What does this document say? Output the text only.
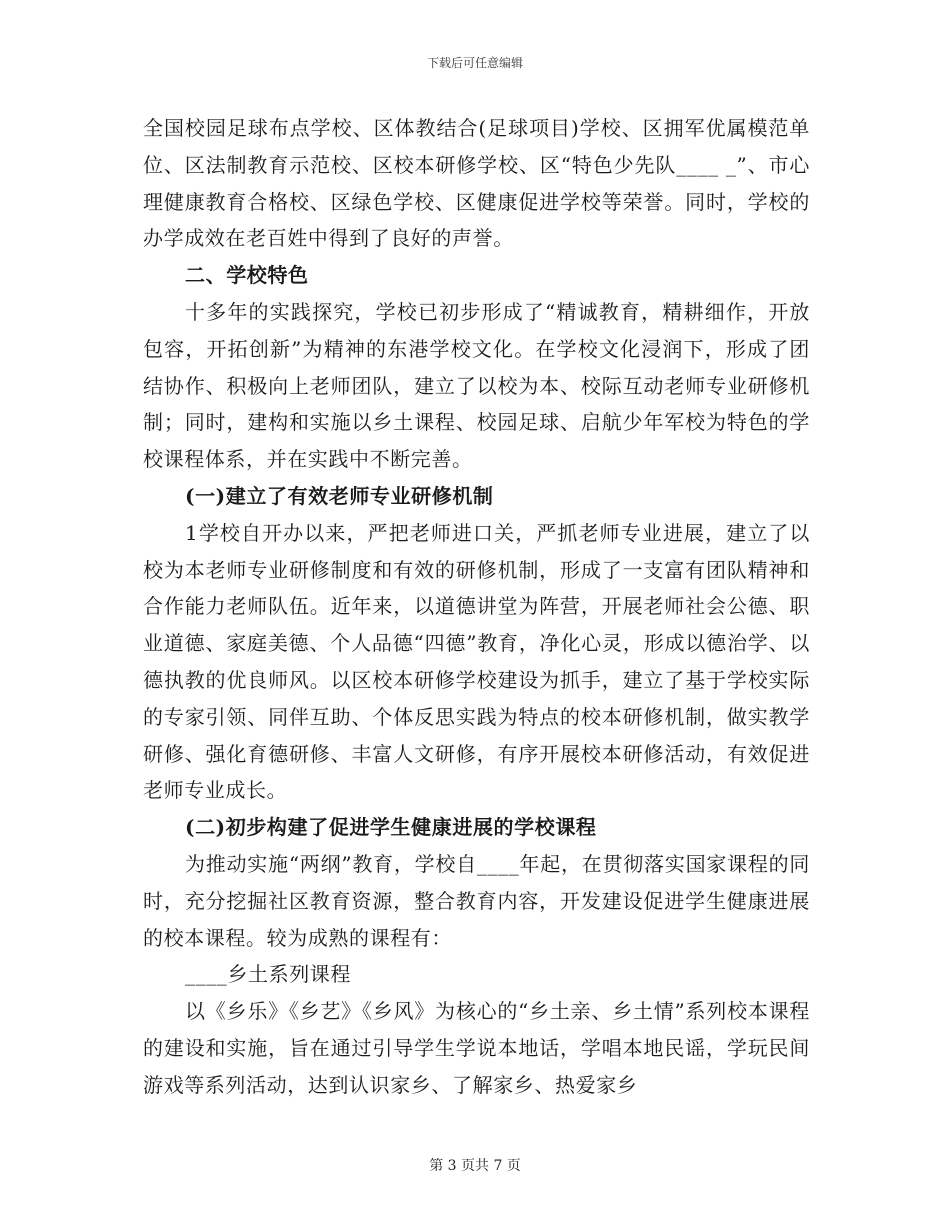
下载后可任意编辑

全国校园足球布点学校、区体教结合(足球项目)学校、区拥军优属模范单位、区法制教育示范校、区校本研修学校、区“特色少先队____ _”、市心理健康教育合格校、区绿色学校、区健康促进学校等荣誉。同时，学校的办学成效在老百姓中得到了良好的声誉。

二、学校特色

十多年的实践探究，学校已初步形成了“精诚教育，精耕细作，开放包容，开拓创新”为精神的东港学校文化。在学校文化浸润下，形成了团结协作、积极向上老师团队，建立了以校为本、校际互动老师专业研修机制；同时，建构和实施以乡土课程、校园足球、启航少年军校为特色的学校课程体系，并在实践中不断完善。

(一)建立了有效老师专业研修机制

1学校自开办以来，严把老师进口关，严抓老师专业进展，建立了以校为本老师专业研修制度和有效的研修机制，形成了一支富有团队精神和合作能力老师队伍。近年来，以道德讲堂为阵营，开展老师社会公德、职业道德、家庭美德、个人品德“四德”教育，净化心灵，形成以德治学、以德执教的优良师风。以区校本研修学校建设为抓手，建立了基于学校实际的专家引领、同伴互助、个体反思实践为特点的校本研修机制，做实教学研修、强化育德研修、丰富人文研修，有序开展校本研修活动，有效促进老师专业成长。

(二)初步构建了促进学生健康进展的学校课程

为推动实施“两纲”教育，学校自____年起，在贯彻落实国家课程的同时，充分挖掘社区教育资源，整合教育内容，开发建设促进学生健康进展的校本课程。较为成熟的课程有：

____乡土系列课程

以《乡乐》《乡艺》《乡风》为核心的“乡土亲、乡土情”系列校本课程的建设和实施，旨在通过引导学生学说本地话，学唱本地民谣，学玩民间游戏等系列活动，达到认识家乡、了解家乡、热爱家乡

第 3 页共 7 页
